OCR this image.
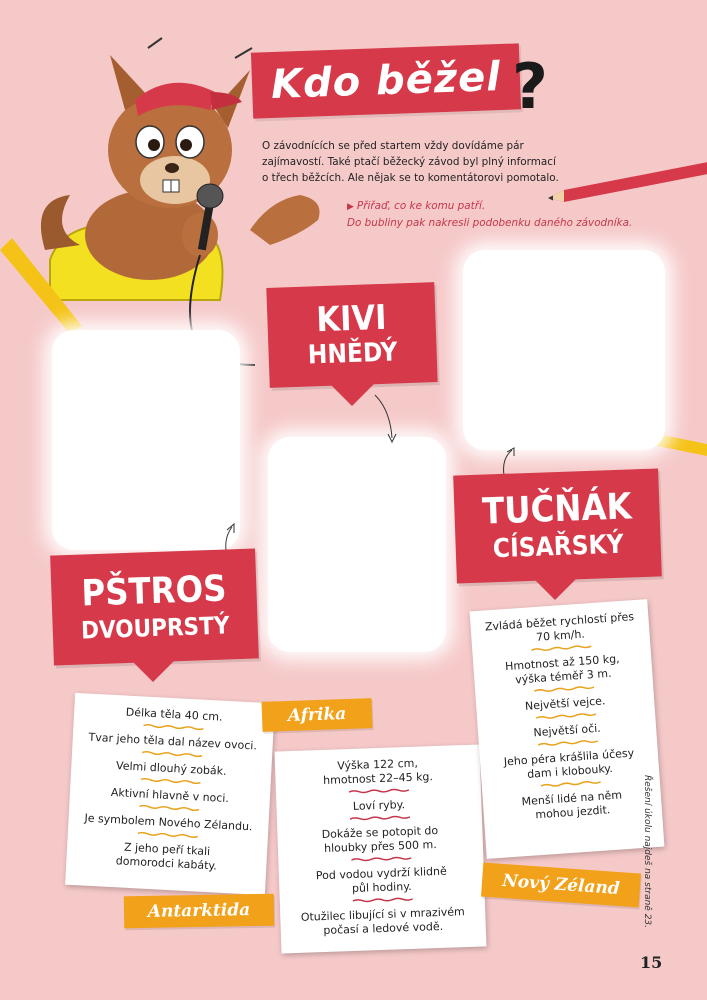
Kdo běžel ?
O závodnících se před startem vždy dovídáme pár zajímavostí. Také ptačí běžecký závod byl plný informací o třech běžcích. Ale nějak se to komentátorovi pomotalo.
▶ Přiřaď, co ke komu patří.
Do bubliny pak nakresli podobenku daného závodníka.
KIVI
HNĚDÝ
TUČŇÁK
CÍSAŘSKÝ
PŠTROS
DVOUPRSTÝ
Délka těla 40 cm.
Tvar jeho těla dal název ovoci.
Velmi dlouhý zobák.
Aktivní hlavně v noci.
Je symbolem Nového Zélandu.
Z jeho peří tkali domorodci kabáty.
Výška 122 cm, hmotnost 22–45 kg.
Loví ryby.
Dokáže se potopit do hloubky přes 500 m.
Pod vodou vydrží klidně půl hodiny.
Otužilec libující si v mrazivém počasí a ledové vodě.
Zvládá běžet rychlostí přes 70 km/h.
Hmotnost až 150 kg, výška téměř 3 m.
Největší vejce.
Největší oči.
Jeho péra krášlila účesy dam i klobouky.
Menší lidé na něm mohou jezdit.
Afrika
Antarktida
Nový Zéland Řešení úkolu najdeš na straně 23.
15
